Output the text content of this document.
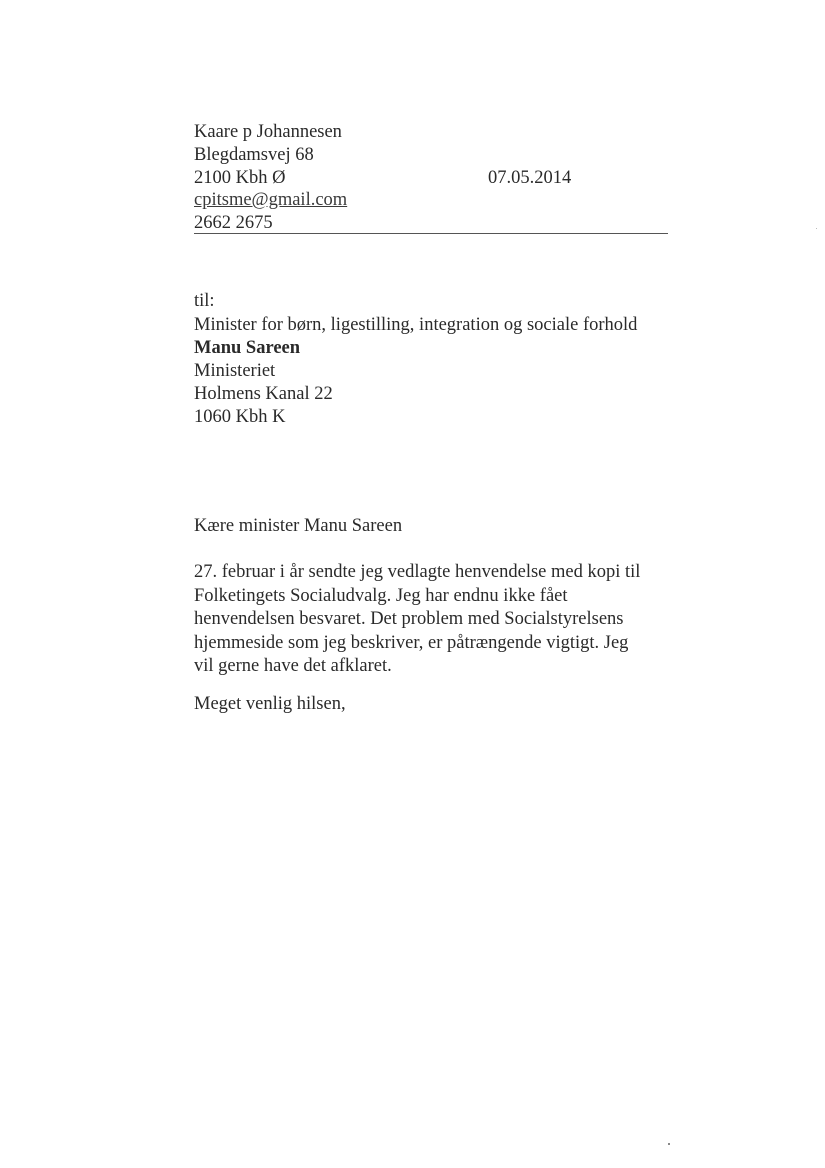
Kaare p Johannesen
Blegdamsvej 68
2100 Kbh Ø
cpitsme@gmail.com
2662 2675
07.05.2014
til:
Minister for børn, ligestilling, integration og sociale forhold
Manu Sareen
Ministeriet
Holmens Kanal 22
1060 Kbh K
Kære minister Manu Sareen
27. februar i år sendte jeg vedlagte henvendelse med kopi til
Folketingets Socialudvalg. Jeg har endnu ikke fået
henvendelsen besvaret. Det problem med Socialstyrelsens
hjemmeside som jeg beskriver, er påtrængende vigtigt. Jeg
vil gerne have det afklaret.
Meget venlig hilsen,
